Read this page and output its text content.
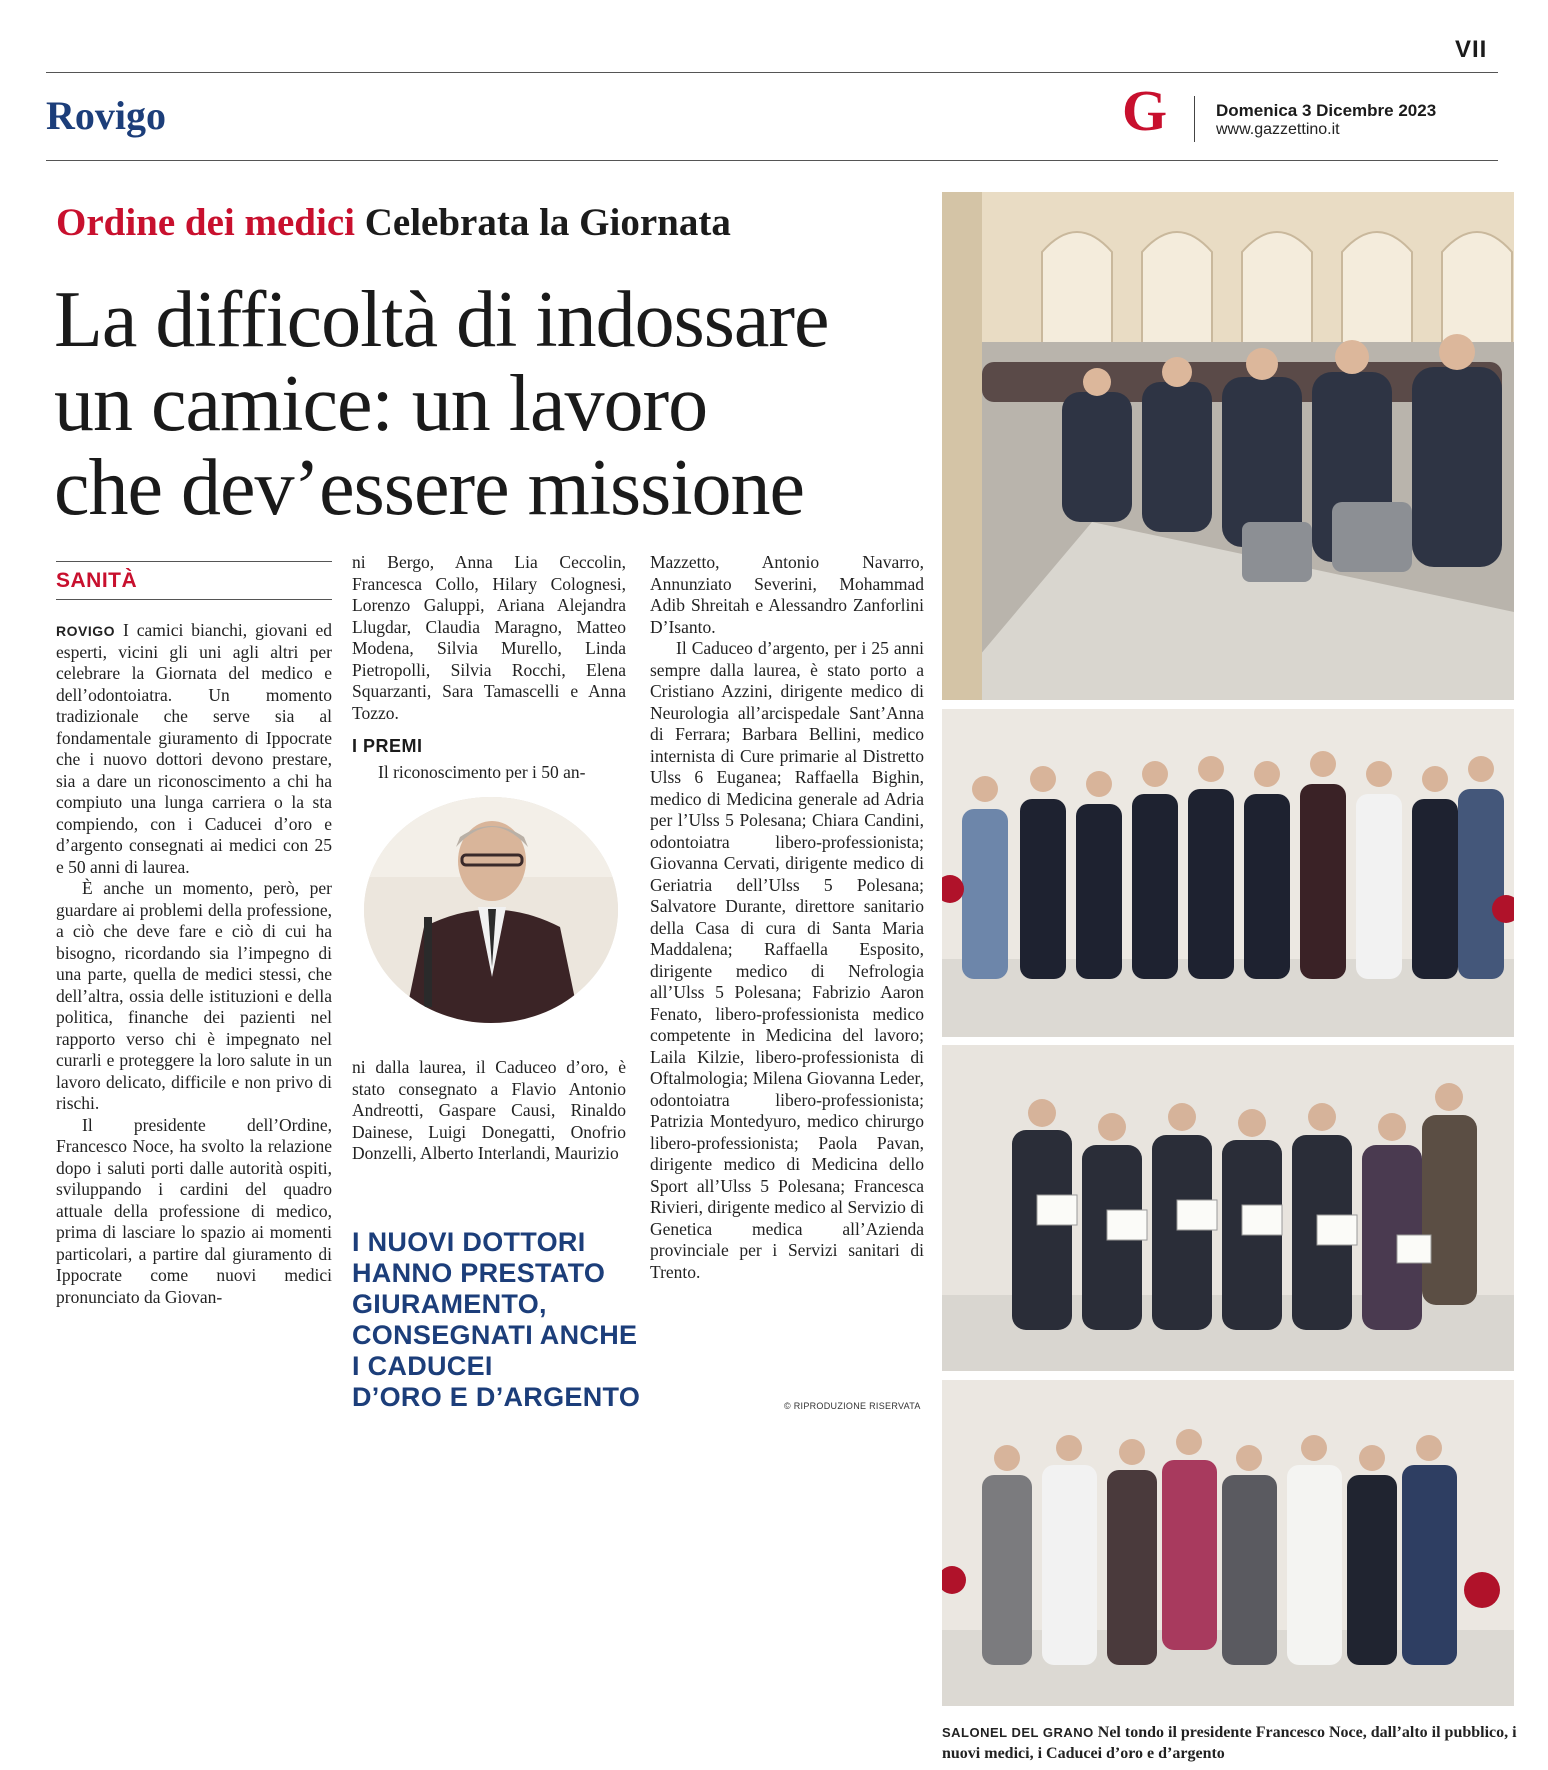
VII
Rovigo	G	Domenica 3 Dicembre 2023
www.gazzettino.it
Ordine dei medici Celebrata la Giornata
La difficoltà di indossare
un camice: un lavoro
che dev’essere missione
SANITÀ

ROVIGO I camici bianchi, giovani ed esperti, vicini gli uni agli altri per celebrare la Giornata del medico e dell’odontoiatra. Un momento tradizionale che serve sia al fondamentale giuramento di Ippocrate che i nuovo dottori devono prestare, sia a dare un riconoscimento a chi ha compiuto una lunga carriera o la sta compiendo, con i Caducei d’oro e d’argento consegnati ai medici con 25 e 50 anni di laurea.

È anche un momento, però, per guardare ai problemi della professione, a ciò che deve fare e ciò di cui ha bisogno, ricordando sia l’impegno di una parte, quella de medici stessi, che dell’altra, ossia delle istituzioni e della politica, finanche dei pazienti nel rapporto verso chi è impegnato nel curarli e proteggere la loro salute in un lavoro delicato, difficile e non privo di rischi.

Il presidente dell’Ordine, Francesco Noce, ha svolto la relazione dopo i saluti porti dalle autorità ospiti, sviluppando i cardini del quadro attuale della professione di medico, prima di lasciare lo spazio ai momenti particolari, a partire dal giuramento di Ippocrate come nuovi medici pronunciato da Giovan-

ni Bergo, Anna Lia Ceccolin, Francesca Collo, Hilary Colognesi, Lorenzo Galuppi, Ariana Alejandra Llugdar, Claudia Maragno, Matteo Modena, Silvia Murello, Linda Pietropolli, Silvia Rocchi, Elena Squarzanti, Sara Tamascelli e Anna Tozzo.

I PREMI

Il riconoscimento per i 50 an-

ni dalla laurea, il Caduceo d’oro, è stato consegnato a Flavio Antonio Andreotti, Gaspare Causi, Rinaldo Dainese, Luigi Donegatti, Onofrio Donzelli, Alberto Interlandi, Maurizio

I NUOVI DOTTORI
HANNO PRESTATO
GIURAMENTO,
CONSEGNATI ANCHE
I CADUCEI
D’ORO E D’ARGENTO

Mazzetto, Antonio Navarro, Annunziato Severini, Mohammad Adib Shreitah e Alessandro Zanforlini D’Isanto.

Il Caduceo d’argento, per i 25 anni sempre dalla laurea, è stato porto a Cristiano Azzini, dirigente medico di Neurologia all’arcispedale Sant’Anna di Ferrara; Barbara Bellini, medico internista di Cure primarie al Distretto Ulss 6 Euganea; Raffaella Bighin, medico di Medicina generale ad Adria per l’Ulss 5 Polesana; Chiara Candini, odontoiatra libero-professionista; Giovanna Cervati, dirigente medico di Geriatria dell’Ulss 5 Polesana; Salvatore Durante, direttore sanitario della Casa di cura di Santa Maria Maddalena; Raffaella Esposito, dirigente medico di Nefrologia all’Ulss 5 Polesana; Fabrizio Aaron Fenato, libero-professionista medico competente in Medicina del lavoro; Laila Kilzie, libero-professionista di Oftalmologia; Milena Giovanna Leder, odontoiatra libero-professionista; Patrizia Montedyuro, medico chirurgo libero-professionista; Paola Pavan, dirigente medico di Medicina dello Sport all’Ulss 5 Polesana; Francesca Rivieri, dirigente medico al Servizio di Genetica medica all’Azienda provinciale per i Servizi sanitari di Trento.

© RIPRODUZIONE RISERVATA
SALONEL DEL GRANO Nel tondo il presidente Francesco Noce, dall’alto il pubblico, i nuovi medici, i Caducei d’oro e d’argento
